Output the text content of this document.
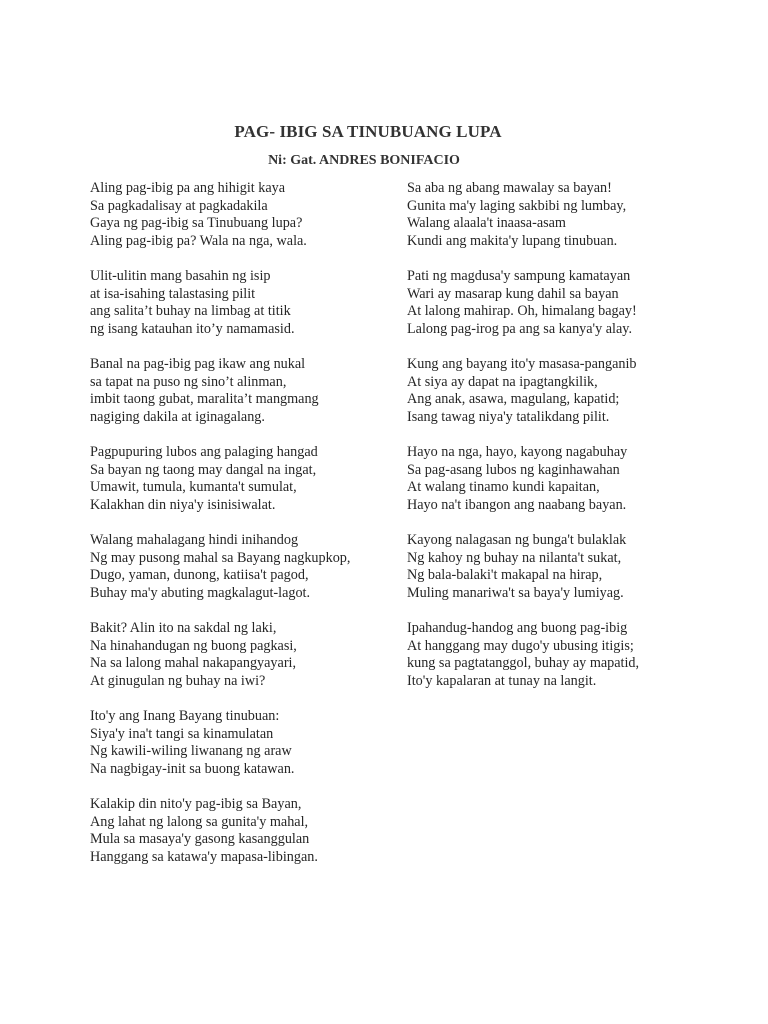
PAG- IBIG SA TINUBUANG LUPA
Ni: Gat. ANDRES BONIFACIO
Aling pag-ibig pa ang hihigit kaya
Sa pagkadalisay at pagkadakila
Gaya ng pag-ibig sa Tinubuang lupa?
Aling pag-ibig pa? Wala na nga, wala.
Ulit-ulitin mang basahin ng isip
at isa-isahing talastasing pilit
ang salita’t buhay na limbag at titik
ng isang katauhan ito’y namamasid.
Banal na pag-ibig pag ikaw ang nukal
sa tapat na puso ng sino’t alinman,
imbit taong gubat, maralita’t mangmang
nagiging dakila at iginagalang.
Pagpupuring lubos ang palaging hangad
Sa bayan ng taong may dangal na ingat,
Umawit, tumula, kumanta't sumulat,
Kalakhan din niya'y isinisiwalat.
Walang mahalagang hindi inihandog
Ng may pusong mahal sa Bayang nagkupkop,
Dugo, yaman, dunong, katiisa't pagod,
Buhay ma'y abuting magkalagut-lagot.
Bakit? Alin ito na sakdal ng laki,
Na hinahandugan ng buong pagkasi,
Na sa lalong mahal nakapangyayari,
At ginugulan ng buhay na iwi?
Ito'y ang Inang Bayang tinubuan:
Siya'y ina't tangi sa kinamulatan
Ng kawili-wiling liwanang ng araw
Na nagbigay-init sa buong katawan.
Kalakip din nito'y pag-ibig sa Bayan,
Ang lahat ng lalong sa gunita'y mahal,
Mula sa masaya'y gasong kasanggulan
Hanggang sa katawa'y mapasa-libingan.
Sa aba ng abang mawalay sa bayan!
Gunita ma'y laging sakbibi ng lumbay,
Walang alaala't inaasa-asam
Kundi ang makita'y lupang tinubuan.
Pati ng magdusa'y sampung kamatayan
Wari ay masarap kung dahil sa bayan
At lalong mahirap. Oh, himalang bagay!
Lalong pag-irog pa ang sa kanya'y alay.
Kung ang bayang ito'y masasa-panganib
At siya ay dapat na ipagtangkilik,
Ang anak, asawa, magulang, kapatid;
Isang tawag niya'y tatalikdang pilit.
Hayo na nga, hayo, kayong nagabuhay
Sa pag-asang lubos ng kaginhawahan
At walang tinamo kundi kapaitan,
Hayo na't ibangon ang naabang bayan.
Kayong nalagasan ng bunga't bulaklak
Ng kahoy ng buhay na nilanta't sukat,
Ng bala-balaki't makapal na hirap,
Muling manariwa't sa baya'y lumiyag.
Ipahandug-handog ang buong pag-ibig
At hanggang may dugo'y ubusing itigis;
kung sa pagtatanggol, buhay ay mapatid,
Ito'y kapalaran at tunay na langit.
